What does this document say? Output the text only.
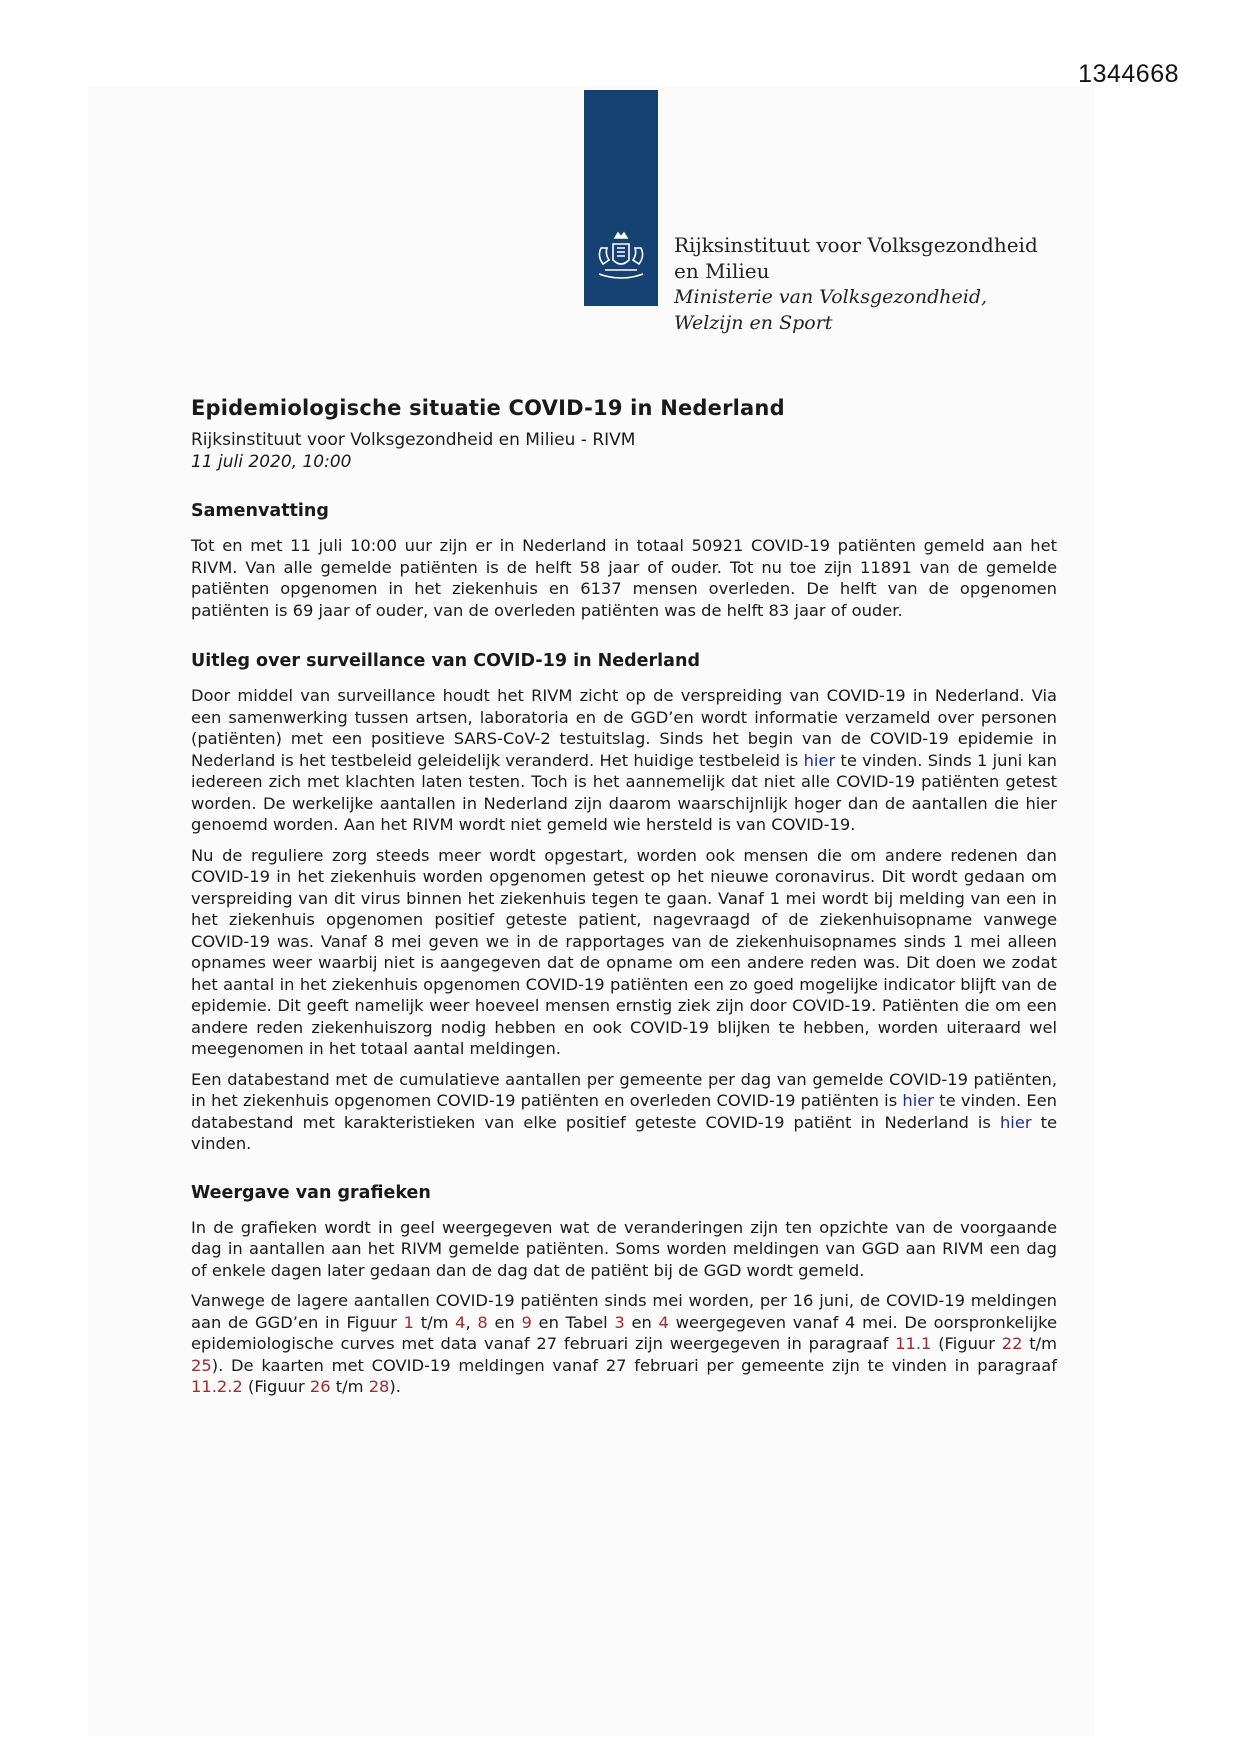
1344668
Rijksinstituut voor Volksgezondheid
en Milieu
Ministerie van Volksgezondheid,
Welzijn en Sport
Epidemiologische situatie COVID-19 in Nederland
Rijksinstituut voor Volksgezondheid en Milieu - RIVM
11 juli 2020, 10:00
Samenvatting

Tot en met 11 juli 10:00 uur zijn er in Nederland in totaal 50921 COVID-19 patiënten gemeld aan het RIVM. Van alle gemelde patiënten is de helft 58 jaar of ouder. Tot nu toe zijn 11891 van de gemelde patiënten opgenomen in het ziekenhuis en 6137 mensen overleden. De helft van de opgenomen patiënten is 69 jaar of ouder, van de overleden patiënten was de helft 83 jaar of ouder.

Uitleg over surveillance van COVID-19 in Nederland

Door middel van surveillance houdt het RIVM zicht op de verspreiding van COVID-19 in Nederland. Via een samenwerking tussen artsen, laboratoria en de GGD’en wordt informatie verzameld over personen (patiënten) met een positieve SARS-CoV-2 testuitslag. Sinds het begin van de COVID-19 epidemie in Nederland is het testbeleid geleidelijk veranderd. Het huidige testbeleid is hier te vinden. Sinds 1 juni kan iedereen zich met klachten laten testen. Toch is het aannemelijk dat niet alle COVID-19 patiënten getest worden. De werkelijke aantallen in Nederland zijn daarom waarschijnlijk hoger dan de aantallen die hier genoemd worden. Aan het RIVM wordt niet gemeld wie hersteld is van COVID-19.

Nu de reguliere zorg steeds meer wordt opgestart, worden ook mensen die om andere redenen dan COVID-19 in het ziekenhuis worden opgenomen getest op het nieuwe coronavirus. Dit wordt gedaan om verspreiding van dit virus binnen het ziekenhuis tegen te gaan. Vanaf 1 mei wordt bij melding van een in het ziekenhuis opgenomen positief geteste patient, nagevraagd of de ziekenhuisopname vanwege COVID-19 was. Vanaf 8 mei geven we in de rapportages van de ziekenhuisopnames sinds 1 mei alleen opnames weer waarbij niet is aangegeven dat de opname om een andere reden was. Dit doen we zodat het aantal in het ziekenhuis opgenomen COVID-19 patiënten een zo goed mogelijke indicator blijft van de epidemie. Dit geeft namelijk weer hoeveel mensen ernstig ziek zijn door COVID-19. Patiënten die om een andere reden ziekenhuiszorg nodig hebben en ook COVID-19 blijken te hebben, worden uiteraard wel meegenomen in het totaal aantal meldingen.

Een databestand met de cumulatieve aantallen per gemeente per dag van gemelde COVID-19 patiënten, in het ziekenhuis opgenomen COVID-19 patiënten en overleden COVID-19 patiënten is hier te vinden. Een databestand met karakteristieken van elke positief geteste COVID-19 patiënt in Nederland is hier te vinden.

Weergave van grafieken

In de grafieken wordt in geel weergegeven wat de veranderingen zijn ten opzichte van de voorgaande dag in aantallen aan het RIVM gemelde patiënten. Soms worden meldingen van GGD aan RIVM een dag of enkele dagen later gedaan dan de dag dat de patiënt bij de GGD wordt gemeld.

Vanwege de lagere aantallen COVID-19 patiënten sinds mei worden, per 16 juni, de COVID-19 meldingen aan de GGD’en in Figuur 1 t/m 4, 8 en 9 en Tabel 3 en 4 weergegeven vanaf 4 mei. De oorspronkelijke epidemiologische curves met data vanaf 27 februari zijn weergegeven in paragraaf 11.1 (Figuur 22 t/m 25). De kaarten met COVID-19 meldingen vanaf 27 februari per gemeente zijn te vinden in paragraaf 11.2.2 (Figuur 26 t/m 28).
